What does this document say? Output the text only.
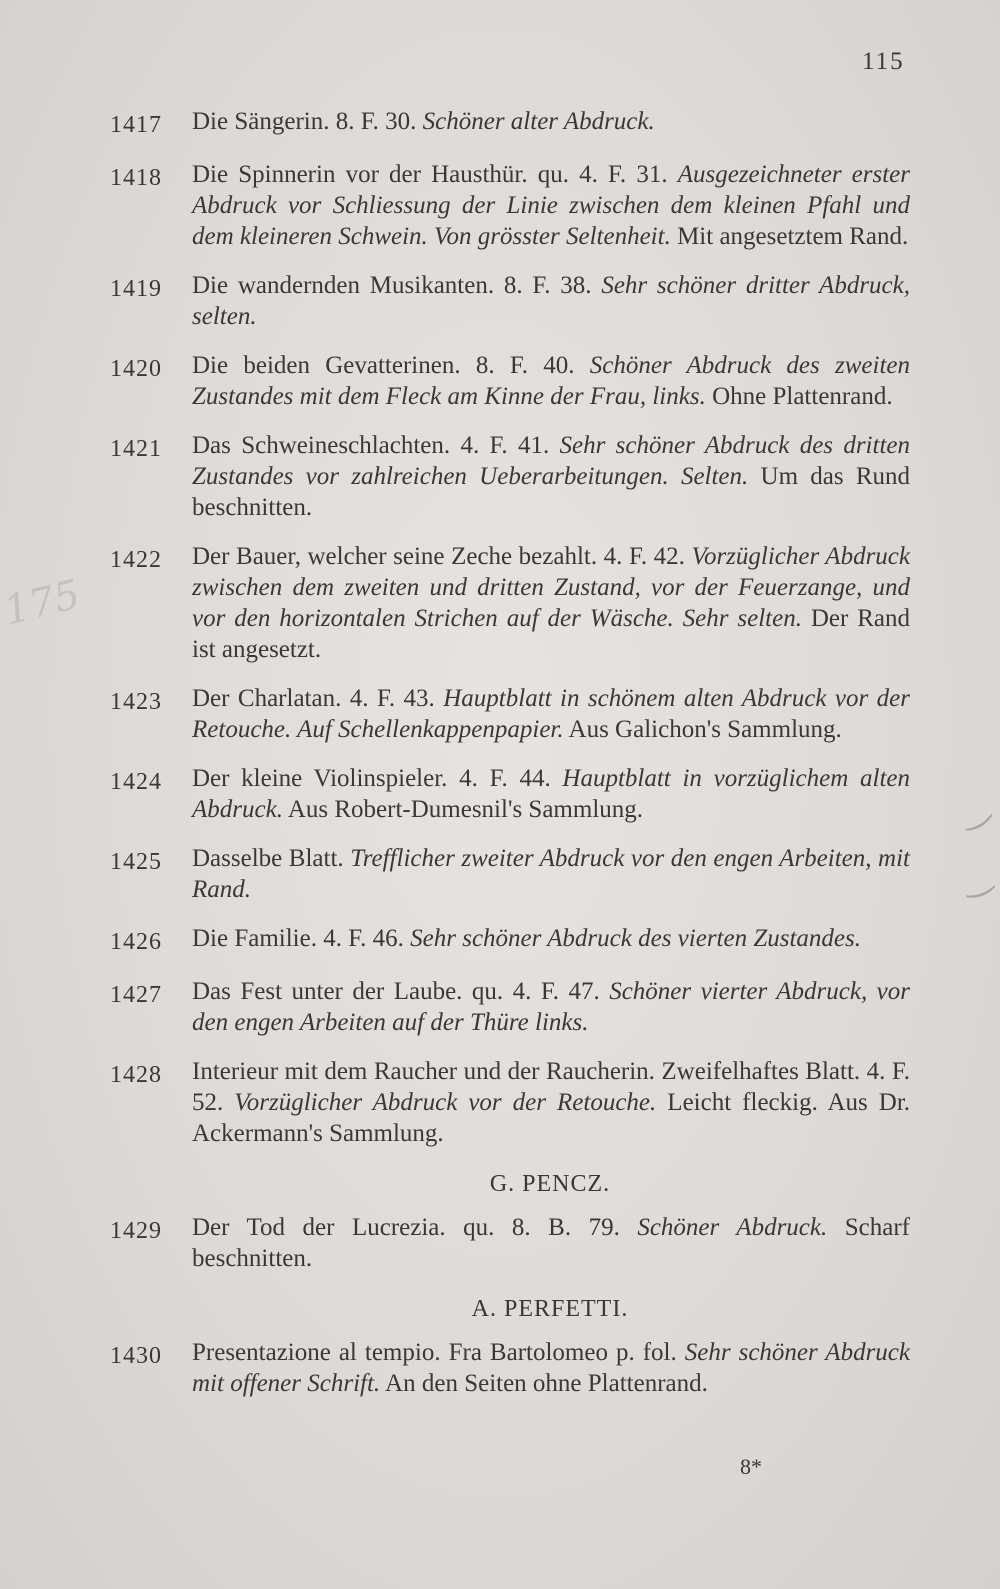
115
175
‿
‿
1417	Die Sängerin. 8. F. 30. Schöner alter Abdruck.
1418	Die Spinnerin vor der Hausthür. qu. 4. F. 31. Ausgezeichneter erster Abdruck vor Schliessung der Linie zwischen dem kleinen Pfahl und dem kleineren Schwein. Von grösster Seltenheit. Mit angesetztem Rand.
1419	Die wandernden Musikanten. 8. F. 38. Sehr schöner dritter Abdruck, selten.
1420	Die beiden Gevatterinen. 8. F. 40. Schöner Abdruck des zweiten Zustandes mit dem Fleck am Kinne der Frau, links. Ohne Plattenrand.
1421	Das Schweineschlachten. 4. F. 41. Sehr schöner Abdruck des dritten Zustandes vor zahlreichen Ueberarbeitungen. Selten. Um das Rund beschnitten.
1422	Der Bauer, welcher seine Zeche bezahlt. 4. F. 42. Vorzüglicher Abdruck zwischen dem zweiten und dritten Zustand, vor der Feuerzange, und vor den horizontalen Strichen auf der Wäsche. Sehr selten. Der Rand ist angesetzt.
1423	Der Charlatan. 4. F. 43. Hauptblatt in schönem alten Abdruck vor der Retouche. Auf Schellenkappenpapier. Aus Galichon's Sammlung.
1424	Der kleine Violinspieler. 4. F. 44. Hauptblatt in vorzüglichem alten Abdruck. Aus Robert-Dumesnil's Sammlung.
1425	Dasselbe Blatt. Trefflicher zweiter Abdruck vor den engen Arbeiten, mit Rand.
1426	Die Familie. 4. F. 46. Sehr schöner Abdruck des vierten Zustandes.
1427	Das Fest unter der Laube. qu. 4. F. 47. Schöner vierter Abdruck, vor den engen Arbeiten auf der Thüre links.
1428	Interieur mit dem Raucher und der Raucherin. Zweifelhaftes Blatt. 4. F. 52. Vorzüglicher Abdruck vor der Retouche. Leicht fleckig. Aus Dr. Ackermann's Sammlung.
G. PENCZ.
1429	Der Tod der Lucrezia. qu. 8. B. 79. Schöner Abdruck. Scharf beschnitten.
A. PERFETTI.
1430	Presentazione al tempio. Fra Bartolomeo p. fol. Sehr schöner Abdruck mit offener Schrift. An den Seiten ohne Plattenrand.
8*
